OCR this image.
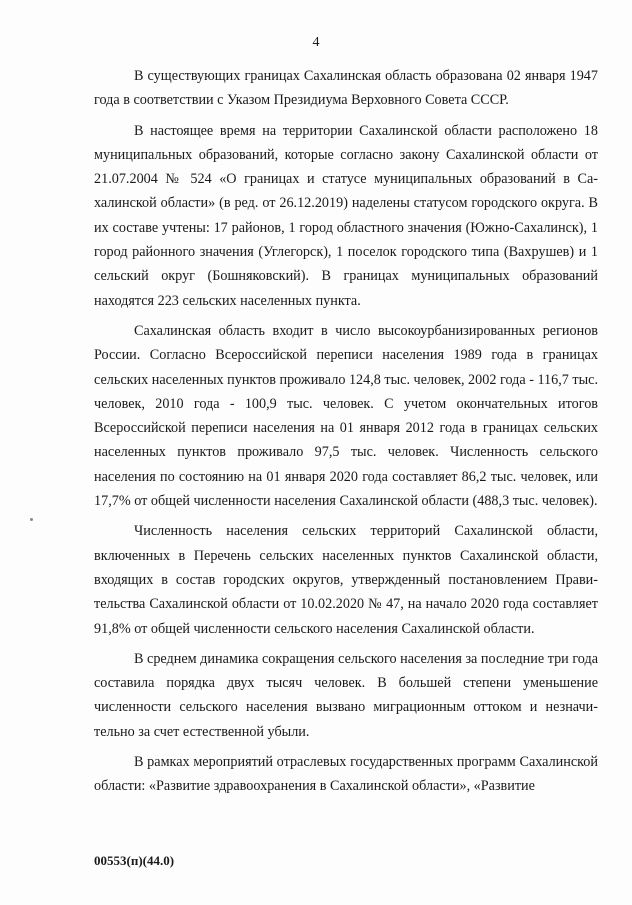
4

В существующих границах Сахалинская область образована 02 января 1947 года в соответствии с Указом Президиума Верховного Совета СССР.

В настоящее время на территории Сахалинской области расположено 18 муниципальных образований, которые согласно закону Сахалинской области от 21.07.2004 № 524 «О границах и статусе муниципальных образований в Сахалинской области» (в ред. от 26.12.2019) наделены статусом городского округа. В их составе учтены: 17 районов, 1 город областного значения (Южно-Сахалинск), 1 город районного значения (Углегорск), 1 поселок городского типа (Вахрушев) и 1 сельский округ (Бошняковский). В границах муниципальных образований находятся 223 сельских населенных пункта.

Сахалинская область входит в число высокоурбанизированных регионов России. Согласно Всероссийской переписи населения 1989 года в границах сельских населенных пунктов проживало 124,8 тыс. человек, 2002 года - 116,7 тыс. человек, 2010 года - 100,9 тыс. человек. С учетом окончательных итогов Всероссийской переписи населения на 01 января 2012 года в границах сельских населенных пунктов проживало 97,5 тыс. человек. Численность сельского населения по состоянию на 01 января 2020 года составляет 86,2 тыс. человек, или 17,7% от общей численности населения Сахалинской области (488,3 тыс. человек).

Численность населения сельских территорий Сахалинской области, включенных в Перечень сельских населенных пунктов Сахалинской области, входящих в состав городских округов, утвержденный постановлением Правительства Сахалинской области от 10.02.2020 № 47, на начало 2020 года составляет 91,8% от общей численности сельского населения Сахалинской области.

В среднем динамика сокращения сельского населения за последние три года составила порядка двух тысяч человек. В большей степени уменьшение численности сельского населения вызвано миграционным оттоком и незначительно за счет естественной убыли.

В рамках мероприятий отраслевых государственных программ Сахалинской области: «Развитие здравоохранения в Сахалинской области», «Развитие

00553(п)(44.0)
